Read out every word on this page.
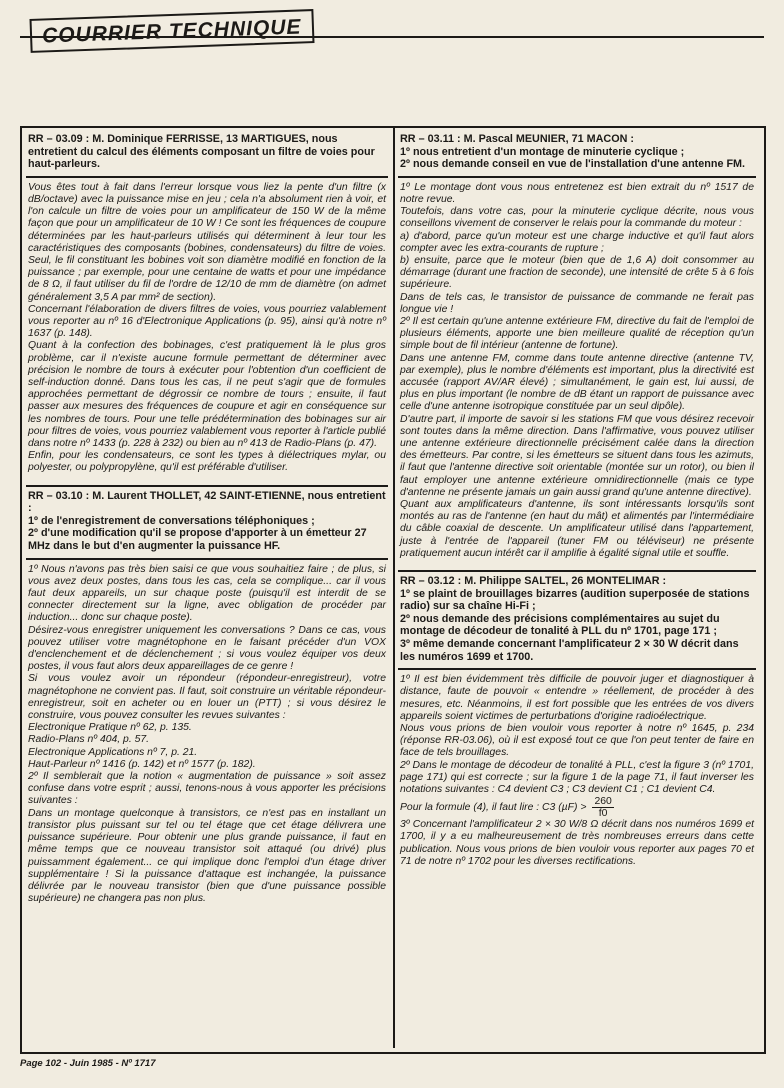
COURRIER TECHNIQUE
RR – 03.09 : M. Dominique FERRISSE, 13 MARTIGUES, nous entretient du calcul des éléments composant un filtre de voies pour haut-parleurs.

Vous êtes tout à fait dans l'erreur lorsque vous liez la pente d'un filtre (x dB/octave) avec la puissance mise en jeu ; cela n'a absolument rien à voir, et l'on calcule un filtre de voies pour un amplificateur de 150 W de la même façon que pour un amplificateur de 10 W ! Ce sont les fréquences de coupure déterminées par les haut-parleurs utilisés qui déterminent à leur tour les caractéristiques des composants (bobines, condensateurs) du filtre de voies. Seul, le fil constituant les bobines voit son diamètre modifié en fonction de la puissance ; par exemple, pour une centaine de watts et pour une impédance de 8 Ω, il faut utiliser du fil de l'ordre de 12/10 de mm de diamètre (on admet généralement 3,5 A par mm² de section).

Concernant l'élaboration de divers filtres de voies, vous pourriez valablement vous reporter au nº 16 d'Electronique Applications (p. 95), ainsi qu'à notre nº 1637 (p. 148).

Quant à la confection des bobinages, c'est pratiquement là le plus gros problème, car il n'existe aucune formule permettant de déterminer avec précision le nombre de tours à exécuter pour l'obtention d'un coefficient de self-induction donné. Dans tous les cas, il ne peut s'agir que de formules approchées permettant de dégrossir ce nombre de tours ; ensuite, il faut passer aux mesures des fréquences de coupure et agir en conséquence sur les nombres de tours. Pour une telle prédétermination des bobinages sur air pour filtres de voies, vous pourriez valablement vous reporter à l'article publié dans notre nº 1433 (p. 228 à 232) ou bien au nº 413 de Radio-Plans (p. 47).

Enfin, pour les condensateurs, ce sont les types à diélectriques mylar, ou polyester, ou polypropylène, qu'il est préférable d'utiliser.

RR – 03.10 : M. Laurent THOLLET, 42 SAINT-ETIENNE, nous entretient :
1º de l'enregistrement de conversations téléphoniques ;
2º d'une modification qu'il se propose d'apporter à un émetteur 27 MHz dans le but d'en augmenter la puissance HF.

1º Nous n'avons pas très bien saisi ce que vous souhaitiez faire ; de plus, si vous avez deux postes, dans tous les cas, cela se complique... car il vous faut deux appareils, un sur chaque poste (puisqu'il est interdit de se connecter directement sur la ligne, avec obligation de procéder par induction... donc sur chaque poste).

Désirez-vous enregistrer uniquement les conversations ? Dans ce cas, vous pouvez utiliser votre magnétophone en le faisant précéder d'un VOX d'enclenchement et de déclenchement ; si vous voulez équiper vos deux postes, il vous faut alors deux appareillages de ce genre !

Si vous voulez avoir un répondeur (répondeur-enregistreur), votre magnétophone ne convient pas. Il faut, soit construire un véritable répondeur-enregistreur, soit en acheter ou en louer un (PTT) ; si vous désirez le construire, vous pouvez consulter les revues suivantes :

Electronique Pratique nº 62, p. 135.

Radio-Plans nº 404, p. 57.

Electronique Applications nº 7, p. 21.

Haut-Parleur nº 1416 (p. 142) et nº 1577 (p. 182).

2º Il semblerait que la notion « augmentation de puissance » soit assez confuse dans votre esprit ; aussi, tenons-nous à vous apporter les précisions suivantes :

Dans un montage quelconque à transistors, ce n'est pas en installant un transistor plus puissant sur tel ou tel étage que cet étage délivrera une puissance supérieure. Pour obtenir une plus grande puissance, il faut en même temps que ce nouveau transistor soit attaqué (ou drivé) plus puissamment également... ce qui implique donc l'emploi d'un étage driver supplémentaire ! Si la puissance d'attaque est inchangée, la puissance délivrée par le nouveau transistor (bien que d'une puissance possible supérieure) ne changera pas non plus.

RR – 03.11 : M. Pascal MEUNIER, 71 MACON :
1º nous entretient d'un montage de minuterie cyclique ;
2º nous demande conseil en vue de l'installation d'une antenne FM.

1º Le montage dont vous nous entretenez est bien extrait du nº 1517 de notre revue.

Toutefois, dans votre cas, pour la minuterie cyclique décrite, nous vous conseillons vivement de conserver le relais pour la commande du moteur :

a) d'abord, parce qu'un moteur est une charge inductive et qu'il faut alors compter avec les extra-courants de rupture ;

b) ensuite, parce que le moteur (bien que de 1,6 A) doit consommer au démarrage (durant une fraction de seconde), une intensité de crête 5 à 6 fois supérieure.

Dans de tels cas, le transistor de puissance de commande ne ferait pas longue vie !

2º Il est certain qu'une antenne extérieure FM, directive du fait de l'emploi de plusieurs éléments, apporte une bien meilleure qualité de réception qu'un simple bout de fil intérieur (antenne de fortune).

Dans une antenne FM, comme dans toute antenne directive (antenne TV, par exemple), plus le nombre d'éléments est important, plus la directivité est accusée (rapport AV/AR élevé) ; simultanément, le gain est, lui aussi, de plus en plus important (le nombre de dB étant un rapport de puissance avec celle d'une antenne isotropique constituée par un seul dipôle).

D'autre part, il importe de savoir si les stations FM que vous désirez recevoir sont toutes dans la même direction. Dans l'affirmative, vous pouvez utiliser une antenne extérieure directionnelle précisément calée dans la direction des émetteurs. Par contre, si les émetteurs se situent dans tous les azimuts, il faut que l'antenne directive soit orientable (montée sur un rotor), ou bien il faut employer une antenne extérieure omnidirectionnelle (mais ce type d'antenne ne présente jamais un gain aussi grand qu'une antenne directive).

Quant aux amplificateurs d'antenne, ils sont intéressants lorsqu'ils sont montés au ras de l'antenne (en haut du mât) et alimentés par l'intermédiaire du câble coaxial de descente. Un amplificateur utilisé dans l'appartement, juste à l'entrée de l'appareil (tuner FM ou téléviseur) ne présente pratiquement aucun intérêt car il amplifie à égalité signal utile et souffle.

RR – 03.12 : M. Philippe SALTEL, 26 MONTELIMAR :
1º se plaint de brouillages bizarres (audition superposée de stations radio) sur sa chaîne Hi-Fi ;
2º nous demande des précisions complémentaires au sujet du montage de décodeur de tonalité à PLL du nº 1701, page 171 ;
3º même demande concernant l'amplificateur 2 × 30 W décrit dans les numéros 1699 et 1700.

1º Il est bien évidemment très difficile de pouvoir juger et diagnostiquer à distance, faute de pouvoir « entendre » réellement, de procéder à des mesures, etc. Néanmoins, il est fort possible que les entrées de vos divers appareils soient victimes de perturbations d'origine radioélectrique.

Nous vous prions de bien vouloir vous reporter à notre nº 1645, p. 234 (réponse RR-03.06), où il est exposé tout ce que l'on peut tenter de faire en face de tels brouillages.

2º Dans le montage de décodeur de tonalité à PLL, c'est la figure 3 (nº 1701, page 171) qui est correcte ; sur la figure 1 de la page 71, il faut inverser les notations suivantes : C4 devient C3 ; C3 devient C1 ; C1 devient C4.

Pour la formule (4), il faut lire : C3 $(\mu F) > \frac{260}{f0}$

3º Concernant l'amplificateur 2 × 30 W/8 Ω décrit dans nos numéros 1699 et 1700, il y a eu malheureusement de très nombreuses erreurs dans cette publication. Nous vous prions de bien vouloir vous reporter aux pages 70 et 71 de notre nº 1702 pour les diverses rectifications.

Page 102 - Juin 1985 - Nº 1717
